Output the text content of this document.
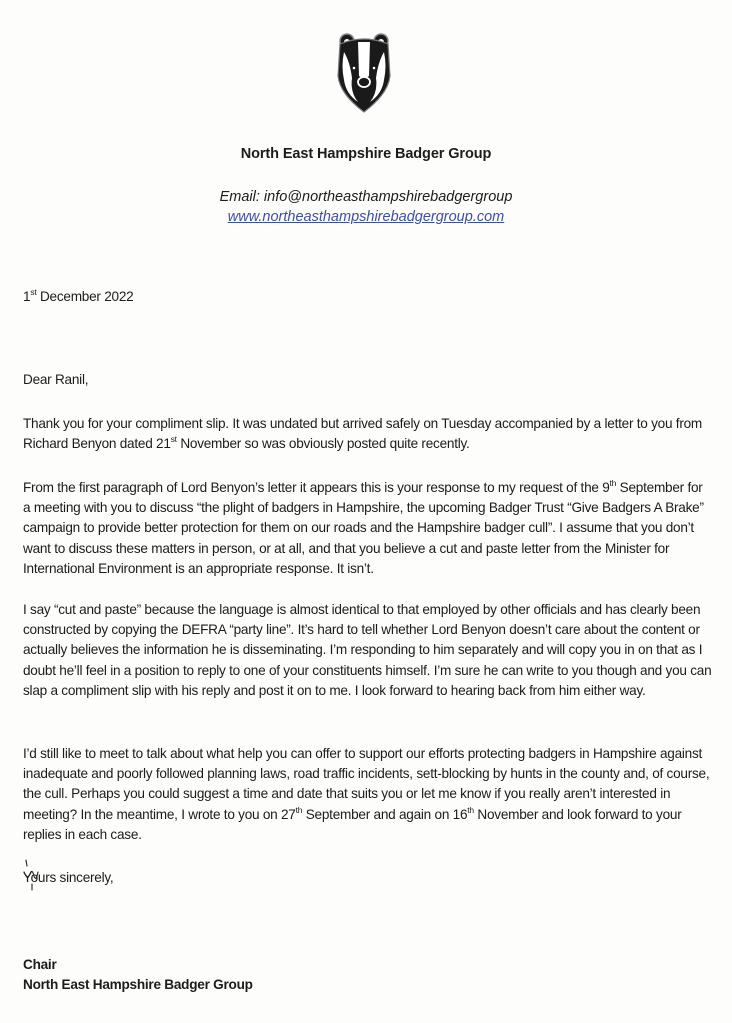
North East Hampshire Badger Group
Email: info@northeasthampshirebadgergroup
www.northeasthampshirebadgergroup.com
1st December 2022
Dear Ranil,

Thank you for your compliment slip. It was undated but arrived safely on Tuesday accompanied by a letter to you from Richard Benyon dated 21st November so was obviously posted quite recently.

From the first paragraph of Lord Benyon’s letter it appears this is your response to my request of the 9th September for a meeting with you to discuss “the plight of badgers in Hampshire, the upcoming Badger Trust “Give Badgers A Brake” campaign to provide better protection for them on our roads and the Hampshire badger cull”. I assume that you don’t want to discuss these matters in person, or at all, and that you believe a cut and paste letter from the Minister for International Environment is an appropriate response. It isn’t.

I say “cut and paste” because the language is almost identical to that employed by other officials and has clearly been constructed by copying the DEFRA “party line”. It’s hard to tell whether Lord Benyon doesn’t care about the content or actually believes the information he is disseminating. I’m responding to him separately and will copy you in on that as I doubt he’ll feel in a position to reply to one of your constituents himself. I’m sure he can write to you though and you can slap a compliment slip with his reply and post it on to me. I look forward to hearing back from him either way.

I’d still like to meet to talk about what help you can offer to support our efforts protecting badgers in Hampshire against inadequate and poorly followed planning laws, road traffic incidents, sett-blocking by hunts in the county and, of course, the cull. Perhaps you could suggest a time and date that suits you or let me know if you really aren’t interested in meeting? In the meantime, I wrote to you on 27th September and again on 16th November and look forward to your replies in each case.

Yours sincerely,
Chair
North East Hampshire Badger Group
